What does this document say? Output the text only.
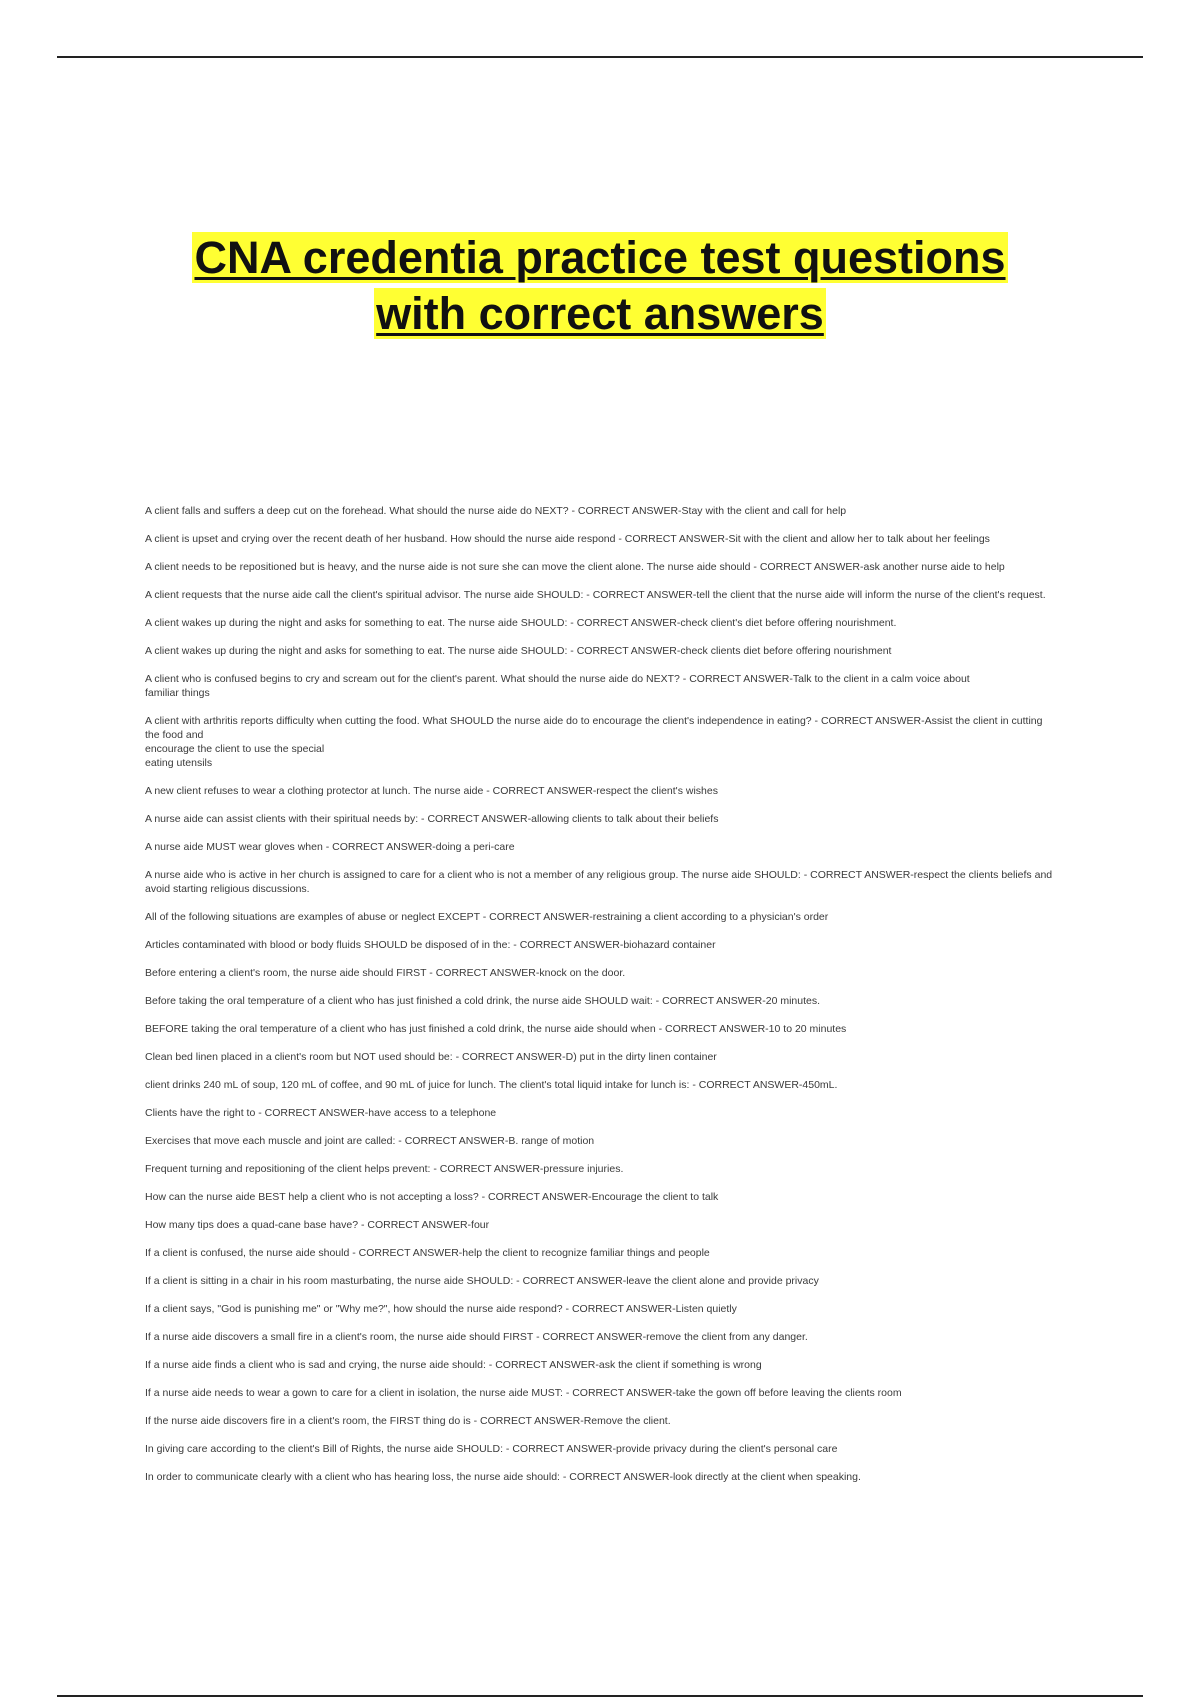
CNA credentia practice test questions
with correct answers
A client falls and suffers a deep cut on the forehead. What should the nurse aide do NEXT? - CORRECT ANSWER-Stay with the client and call for help
A client is upset and crying over the recent death of her husband. How should the nurse aide respond - CORRECT ANSWER-Sit with the client and allow her to talk about her feelings
A client needs to be repositioned but is heavy, and the nurse aide is not sure she can move the client alone. The nurse aide should - CORRECT ANSWER-ask another nurse aide to help
A client requests that the nurse aide call the client's spiritual advisor. The nurse aide SHOULD: - CORRECT ANSWER-tell the client that the nurse aide will inform the nurse of the client's request.
A client wakes up during the night and asks for something to eat. The nurse aide SHOULD: - CORRECT ANSWER-check client's diet before offering nourishment.
A client wakes up during the night and asks for something to eat. The nurse aide SHOULD: - CORRECT ANSWER-check clients diet before offering nourishment
A client who is confused begins to cry and scream out for the client's parent. What should the nurse aide do NEXT? - CORRECT ANSWER-Talk to the client in a calm voice about
familiar things
A client with arthritis reports difficulty when cutting the food. What SHOULD the nurse aide do to encourage the client's independence in eating? - CORRECT ANSWER-Assist the client in cutting the food and
encourage the client to use the special
eating utensils
A new client refuses to wear a clothing protector at lunch. The nurse aide - CORRECT ANSWER-respect the client's wishes
A nurse aide can assist clients with their spiritual needs by: - CORRECT ANSWER-allowing clients to talk about their beliefs
A nurse aide MUST wear gloves when - CORRECT ANSWER-doing a peri-care
A nurse aide who is active in her church is assigned to care for a client who is not a member of any religious group. The nurse aide SHOULD: - CORRECT ANSWER-respect the clients beliefs and avoid starting religious discussions.
All of the following situations are examples of abuse or neglect EXCEPT - CORRECT ANSWER-restraining a client according to a physician's order
Articles contaminated with blood or body fluids SHOULD be disposed of in the: - CORRECT ANSWER-biohazard container
Before entering a client's room, the nurse aide should FIRST - CORRECT ANSWER-knock on the door.
Before taking the oral temperature of a client who has just finished a cold drink, the nurse aide SHOULD wait: - CORRECT ANSWER-20 minutes.
BEFORE taking the oral temperature of a client who has just finished a cold drink, the nurse aide should when - CORRECT ANSWER-10 to 20 minutes
Clean bed linen placed in a client's room but NOT used should be: - CORRECT ANSWER-D) put in the dirty linen container
client drinks 240 mL of soup, 120 mL of coffee, and 90 mL of juice for lunch. The client's total liquid intake for lunch is: - CORRECT ANSWER-450mL.
Clients have the right to - CORRECT ANSWER-have access to a telephone
Exercises that move each muscle and joint are called: - CORRECT ANSWER-B. range of motion
Frequent turning and repositioning of the client helps prevent: - CORRECT ANSWER-pressure injuries.
How can the nurse aide BEST help a client who is not accepting a loss? - CORRECT ANSWER-Encourage the client to talk
How many tips does a quad-cane base have? - CORRECT ANSWER-four
If a client is confused, the nurse aide should - CORRECT ANSWER-help the client to recognize familiar things and people
If a client is sitting in a chair in his room masturbating, the nurse aide SHOULD: - CORRECT ANSWER-leave the client alone and provide privacy
If a client says, "God is punishing me" or "Why me?", how should the nurse aide respond? - CORRECT ANSWER-Listen quietly
If a nurse aide discovers a small fire in a client's room, the nurse aide should FIRST - CORRECT ANSWER-remove the client from any danger.
If a nurse aide finds a client who is sad and crying, the nurse aide should: - CORRECT ANSWER-ask the client if something is wrong
If a nurse aide needs to wear a gown to care for a client in isolation, the nurse aide MUST: - CORRECT ANSWER-take the gown off before leaving the clients room
If the nurse aide discovers fire in a client's room, the FIRST thing do is - CORRECT ANSWER-Remove the client.
In giving care according to the client's Bill of Rights, the nurse aide SHOULD: - CORRECT ANSWER-provide privacy during the client's personal care
In order to communicate clearly with a client who has hearing loss, the nurse aide should: - CORRECT ANSWER-look directly at the client when speaking.
